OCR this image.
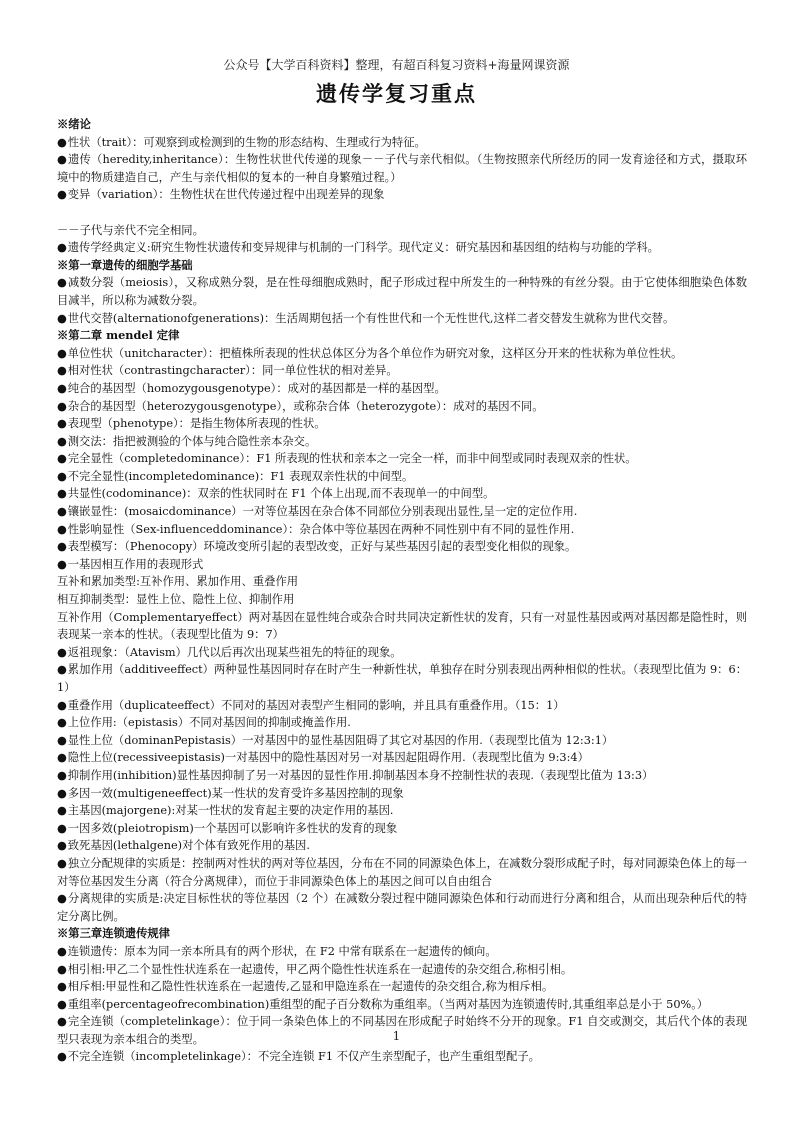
公众号【大学百科资料】整理，有超百科复习资料+海量网课资源
遗传学复习重点

※绪论

●性状（trait）：可观察到或检测到的生物的形态结构、生理或行为特征。

●遗传（heredity,inheritance）：生物性状世代传递的现象－－子代与亲代相似。（生物按照亲代所经历的同一发育途径和方式，摄取环境中的物质建造自己，产生与亲代相似的复本的一种自身繁殖过程。）

●变异（variation）：生物性状在世代传递过程中出现差异的现象

－－子代与亲代不完全相同。

●遗传学经典定义:研究生物性状遗传和变异规律与机制的一门科学。现代定义：研究基因和基因组的结构与功能的学科。

※第一章遗传的细胞学基础

●减数分裂（meiosis），又称成熟分裂，是在性母细胞成熟时，配子形成过程中所发生的一种特殊的有丝分裂。由于它使体细胞染色体数目减半，所以称为减数分裂。

●世代交替(alternationofgenerations)：生活周期包括一个有性世代和一个无性世代,这样二者交替发生就称为世代交替。

※第二章 mendel 定律

●单位性状（unitcharacter）：把植株所表现的性状总体区分为各个单位作为研究对象，这样区分开来的性状称为单位性状。

●相对性状（contrastingcharacter）：同一单位性状的相对差异。

●纯合的基因型（homozygousgenotype）：成对的基因都是一样的基因型。

●杂合的基因型（heterozygousgenotype），或称杂合体（heterozygote）：成对的基因不同。

●表现型（phenotype）：是指生物体所表现的性状。

●测交法：指把被测验的个体与纯合隐性亲本杂交。

●完全显性（completedominance）：F1 所表现的性状和亲本之一完全一样，而非中间型或同时表现双亲的性状。

●不完全显性(incompletedominance)：F1 表现双亲性状的中间型。

●共显性(codominance)：双亲的性状同时在 F1 个体上出现,而不表现单一的中间型。

●镶嵌显性：(mosaicdominance）一对等位基因在杂合体不同部位分别表现出显性,呈一定的定位作用.

●性影响显性（Sex-influenceddominance）：杂合体中等位基因在两种不同性别中有不同的显性作用.

●表型模写：（Phenocopy）环境改变所引起的表型改变，正好与某些基因引起的表型变化相似的现象。

●一基因相互作用的表现形式

互补和累加类型:互补作用、累加作用、重叠作用

相互抑制类型：显性上位、隐性上位、抑制作用

互补作用（Complementaryeffect）两对基因在显性纯合或杂合时共同决定新性状的发育，只有一对显性基因或两对基因都是隐性时，则表现某一亲本的性状。（表现型比值为 9：7）

●返祖现象：（Atavism）几代以后再次出现某些祖先的特征的现象。

●累加作用（additiveeffect）两种显性基因同时存在时产生一种新性状，单独存在时分别表现出两种相似的性状。（表现型比值为 9：6：1）

●重叠作用（duplicateeffect）不同对的基因对表型产生相同的影响，并且具有重叠作用。（15：1）

●上位作用:（epistasis）不同对基因间的抑制或掩盖作用.

●显性上位（dominanPepistasis）一对基因中的显性基因阻碍了其它对基因的作用.（表现型比值为 12:3:1）

●隐性上位(recessiveepistasis)一对基因中的隐性基因对另一对基因起阻碍作用.（表现型比值为 9:3:4）

●抑制作用(inhibition)显性基因抑制了另一对基因的显性作用.抑制基因本身不控制性状的表现.（表现型比值为 13:3）

●多因一效(multigeneeffect)某一性状的发育受许多基因控制的现象

●主基因(majorgene):对某一性状的发育起主要的决定作用的基因.

●一因多效(pleiotropism)一个基因可以影响许多性状的发育的现象

●致死基因(lethalgene)对个体有致死作用的基因.

●独立分配规律的实质是：控制两对性状的两对等位基因，分布在不同的同源染色体上，在减数分裂形成配子时，每对同源染色体上的每一对等位基因发生分离（符合分离规律），而位于非同源染色体上的基因之间可以自由组合

●分离规律的实质是:决定目标性状的等位基因（2 个）在减数分裂过程中随同源染色体和行动而进行分离和组合，从而出现杂种后代的特定分离比例。

※第三章连锁遗传规律

●连锁遗传：原本为同一亲本所具有的两个形状，在 F2 中常有联系在一起遗传的倾向。

●相引相:甲乙二个显性性状连系在一起遗传，甲乙两个隐性性状连系在一起遗传的杂交组合,称相引相。

●相斥相:甲显性和乙隐性性状连系在一起遗传,乙显和甲隐连系在一起遗传的杂交组合,称为相斥相。

●重组率(percentageofrecombination)重组型的配子百分数称为重组率。（当两对基因为连锁遗传时,其重组率总是小于 50%。）

●完全连锁（completelinkage）：位于同一条染色体上的不同基因在形成配子时始终不分开的现象。F1 自交或测交，其后代个体的表现型只表现为亲本组合的类型。

●不完全连锁（incompletelinkage）：不完全连锁 F1 不仅产生亲型配子，也产生重组型配子。

1
